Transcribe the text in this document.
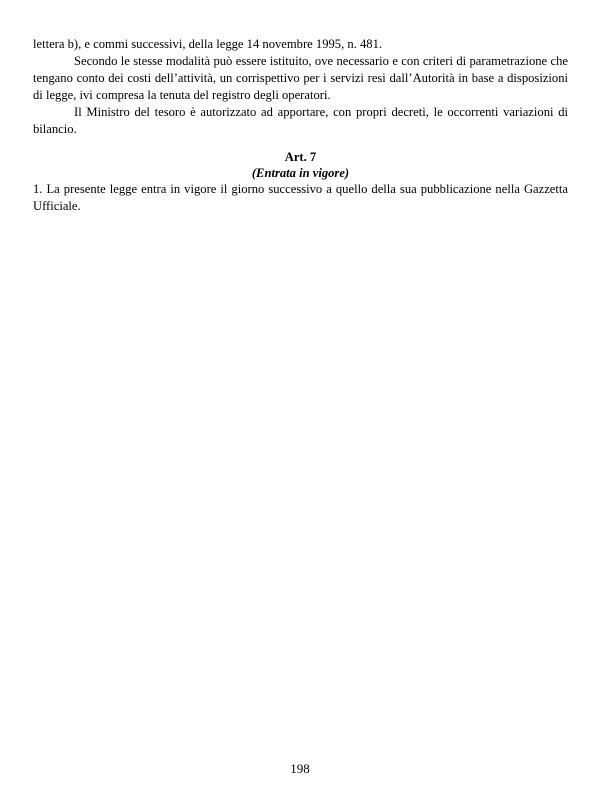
lettera b), e commi successivi, della legge 14 novembre 1995, n. 481.

Secondo le stesse modalità può essere istituito, ove necessario e con criteri di parametrazione che tengano conto dei costi dell’attività, un corrispettivo per i servizi resi dall’Autorità in base a disposizioni di legge, ivi compresa la tenuta del registro degli operatori.

Il Ministro del tesoro è autorizzato ad apportare, con propri decreti, le occorrenti variazioni di bilancio.

Art. 7
(Entrata in vigore)

1. La presente legge entra in vigore il giorno successivo a quello della sua pubblicazione nella Gazzetta Ufficiale.

198
